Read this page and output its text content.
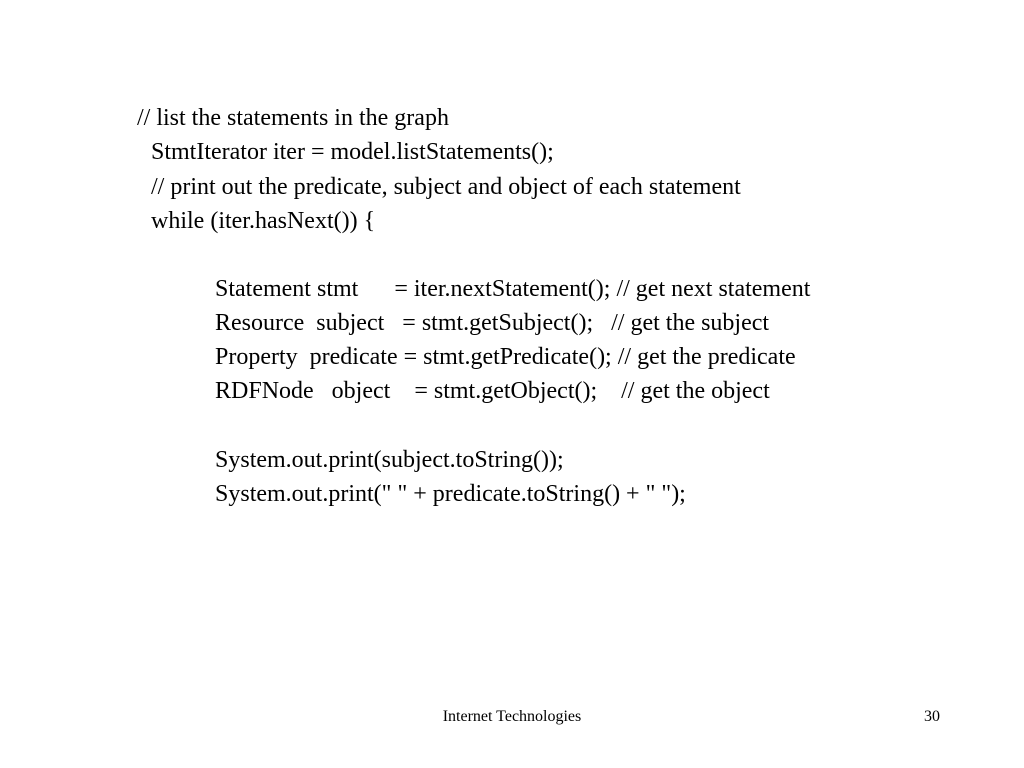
// list the statements in the graph

StmtIterator iter = model.listStatements();

// print out the predicate, subject and object of each statement

while (iter.hasNext()) {

Statement stmt      = iter.nextStatement(); // get next statement

Resource  subject   = stmt.getSubject();   // get the subject

Property  predicate = stmt.getPredicate(); // get the predicate

RDFNode   object    = stmt.getObject();    // get the object

System.out.print(subject.toString());

System.out.print(" " + predicate.toString() + " ");

Internet Technologies	30
